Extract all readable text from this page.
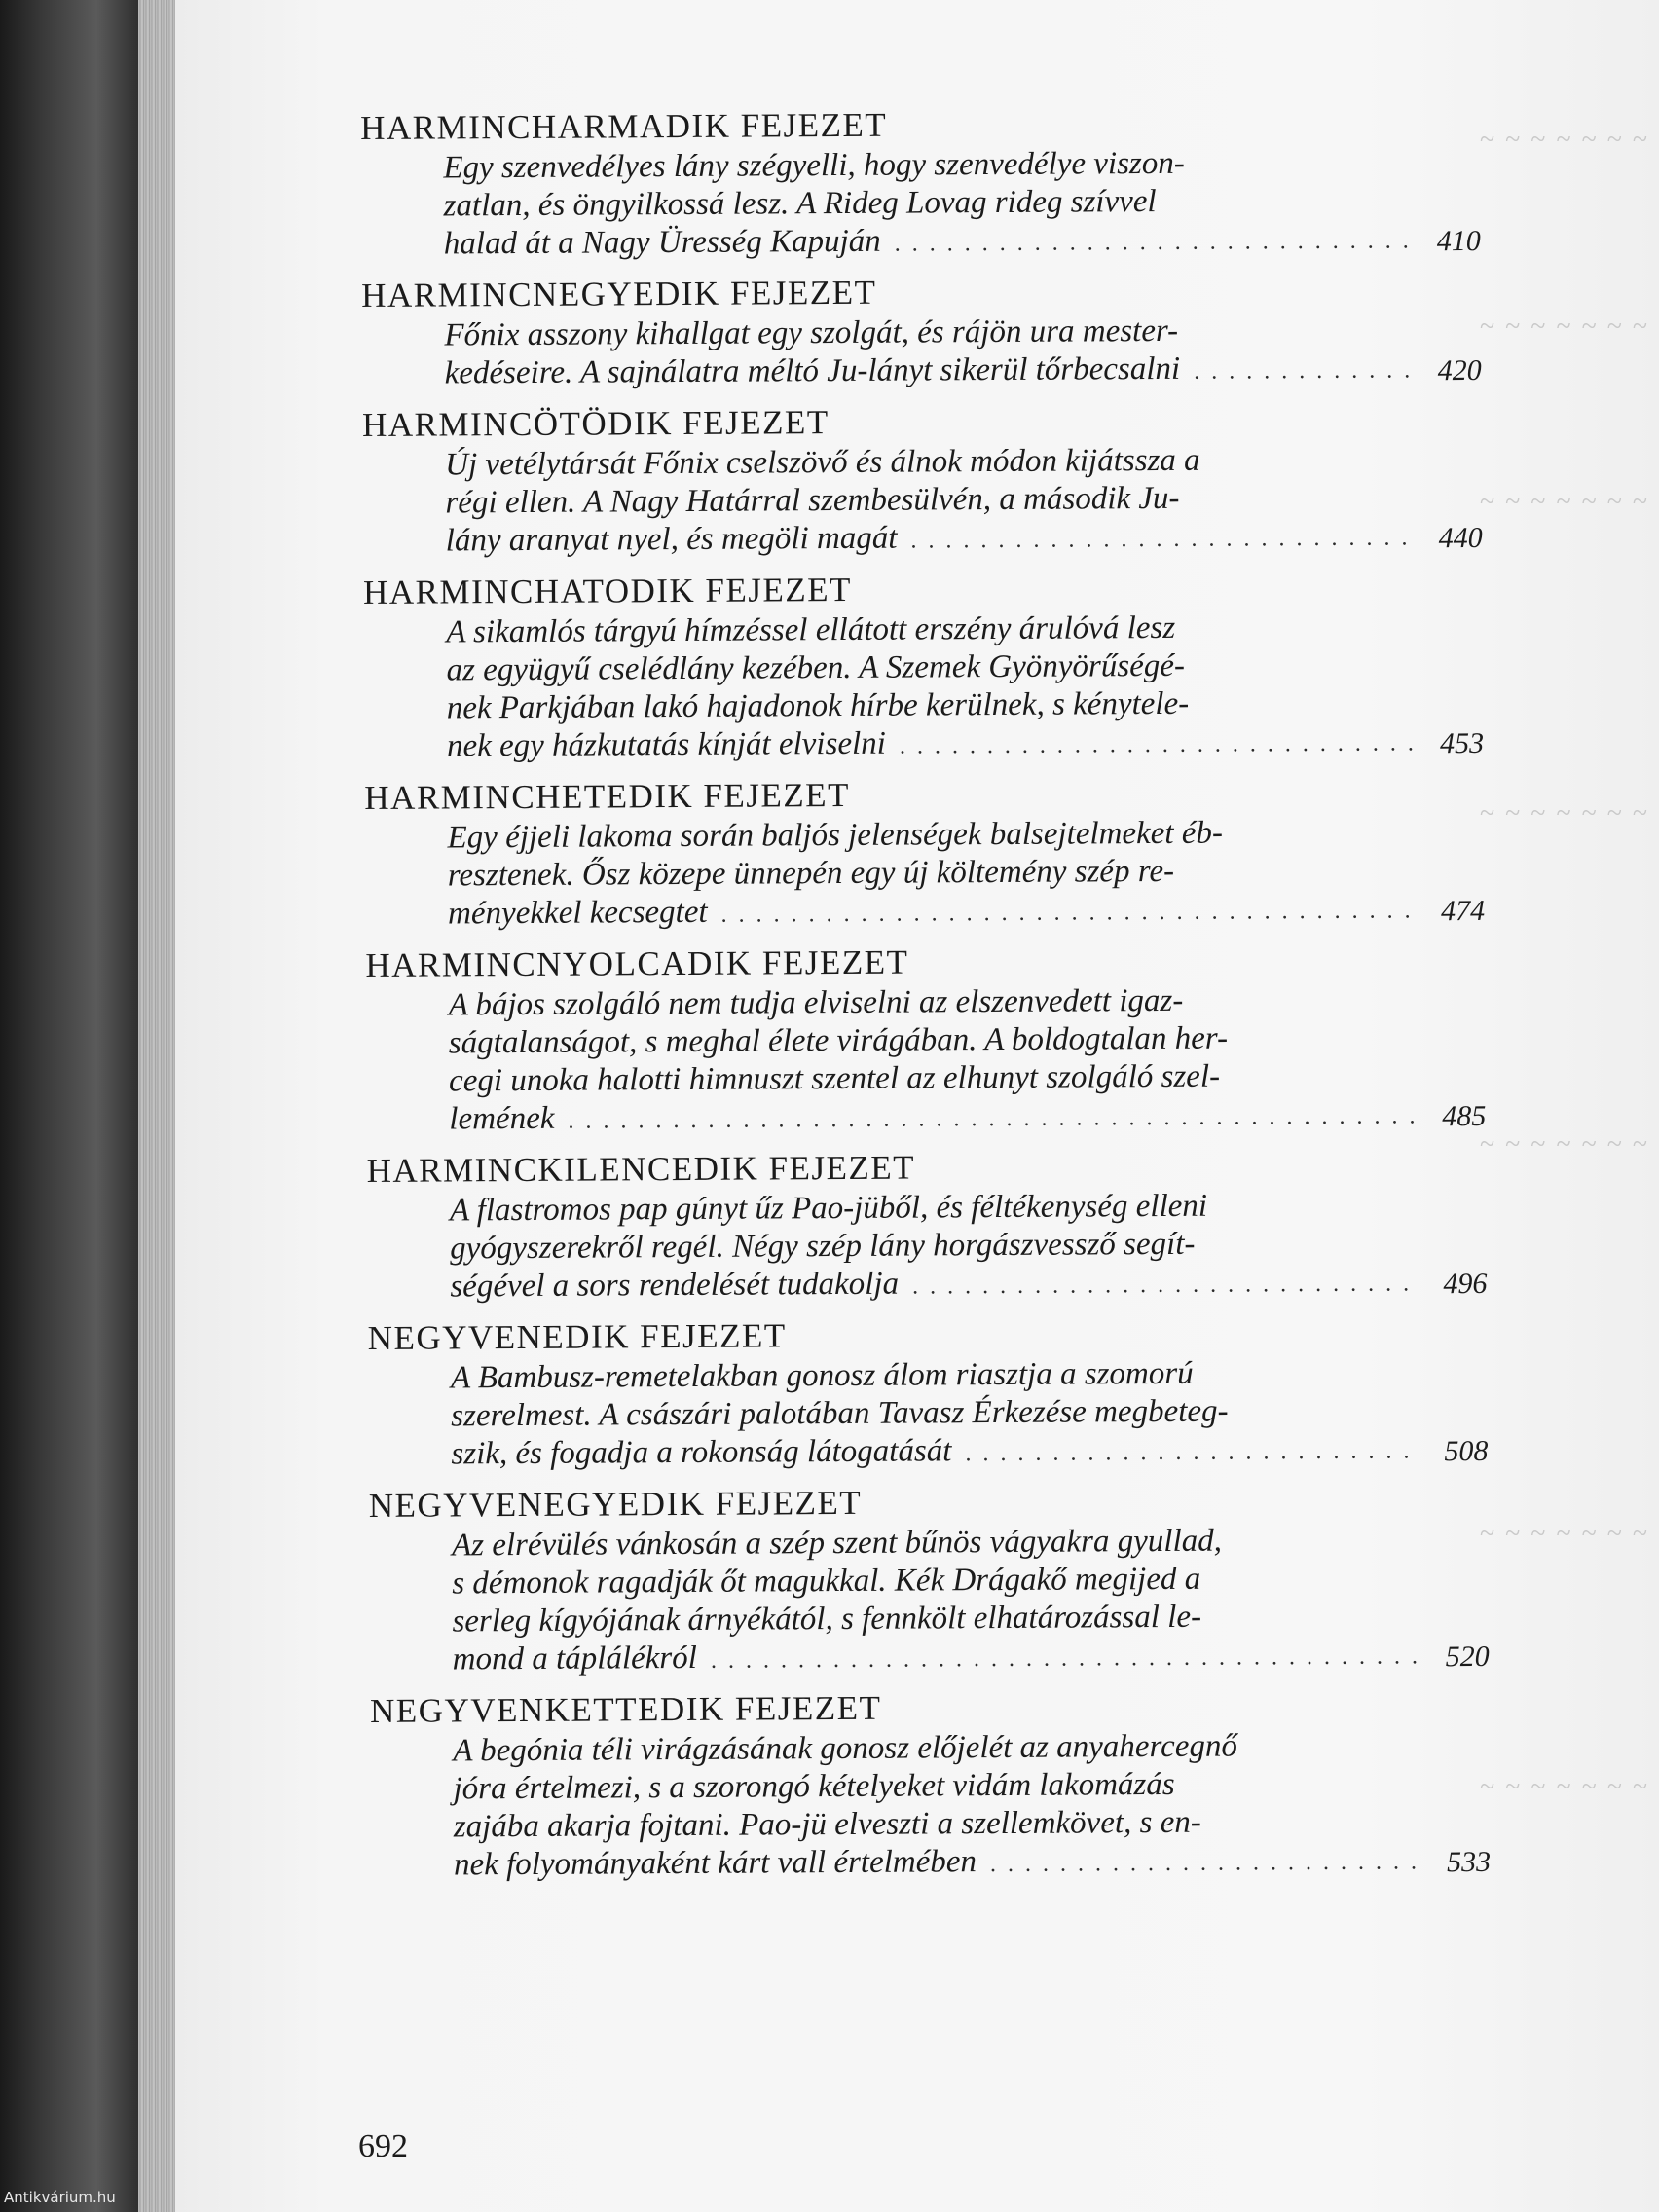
~ ~ ~ ~ ~ ~ ~
~ ~ ~ ~ ~ ~ ~
~ ~ ~ ~ ~ ~ ~
~ ~ ~ ~ ~ ~ ~
~ ~ ~ ~ ~ ~ ~
~ ~ ~ ~ ~ ~ ~
~ ~ ~ ~ ~ ~ ~
HARMINCHARMADIK FEJEZET
Egy szenvedélyes lány szégyelli, hogy szenvedélye viszon-
zatlan, és öngyilkossá lesz. A Rideg Lovag rideg szívvel
halad át a Nagy Üresség Kapuján . . .	410
HARMINCNEGYEDIK FEJEZET
Főnix asszony kihallgat egy szolgát, és rájön ura mester-
kedéseire. A sajnálatra méltó Ju-lányt sikerül tőrbecsalni . . .	420
HARMINCÖTÖDIK FEJEZET
Új vetélytársát Főnix cselszövő és álnok módon kijátssza a
régi ellen. A Nagy Határral szembesülvén, a második Ju-
lány aranyat nyel, és megöli magát . . .	440
HARMINCHATODIK FEJEZET
A sikamlós tárgyú hímzéssel ellátott erszény árulóvá lesz
az együgyű cselédlány kezében. A Szemek Gyönyörűségé-
nek Parkjában lakó hajadonok hírbe kerülnek, s kénytele-
nek egy házkutatás kínját elviselni . . .	453
HARMINCHETEDIK FEJEZET
Egy éjjeli lakoma során baljós jelenségek balsejtelmeket éb-
resztenek. Ősz közepe ünnepén egy új költemény szép re-
ményekkel kecsegtet . . .	474
HARMINCNYOLCADIK FEJEZET
A bájos szolgáló nem tudja elviselni az elszenvedett igaz-
ságtalanságot, s meghal élete virágában. A boldogtalan her-
cegi unoka halotti himnuszt szentel az elhunyt szolgáló szel-
lemének . . .	485
HARMINCKILENCEDIK FEJEZET
A flastromos pap gúnyt űz Pao-jüből, és féltékenység elleni
gyógyszerekről regél. Négy szép lány horgászvessző segít-
ségével a sors rendelését tudakolja . . .	496
NEGYVENEDIK FEJEZET
A Bambusz-remetelakban gonosz álom riasztja a szomorú
szerelmest. A császári palotában Tavasz Érkezése megbeteg-
szik, és fogadja a rokonság látogatását . . .	508
NEGYVENEGYEDIK FEJEZET
Az elrévülés vánkosán a szép szent bűnös vágyakra gyullad,
s démonok ragadják őt magukkal. Kék Drágakő megijed a
serleg kígyójának árnyékától, s fennkölt elhatározással le-
mond a táplálékról . . .	520
NEGYVENKETTEDIK FEJEZET
A begónia téli virágzásának gonosz előjelét az anyahercegnő
jóra értelmezi, s a szorongó kételyeket vidám lakomázás
zajába akarja fojtani. Pao-jü elveszti a szellemkövet, s en-
nek folyományaként kárt vall értelmében . . .	533
692
Antikvárium.hu
